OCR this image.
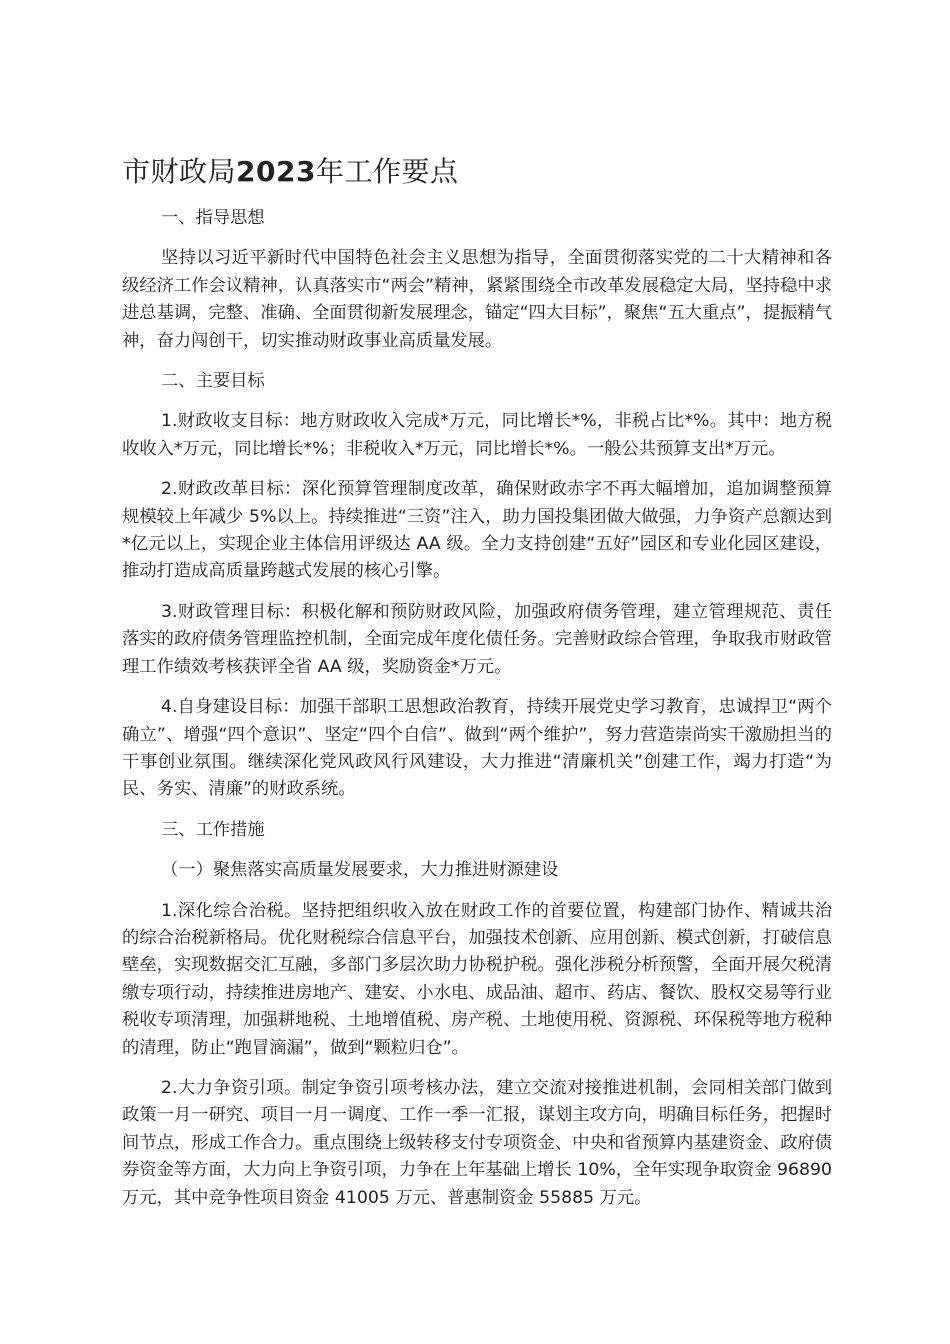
市财政局2023年工作要点

一、指导思想

坚持以习近平新时代中国特色社会主义思想为指导，全面贯彻落实党的二十大精神和各级经济工作会议精神，认真落实市“两会”精神，紧紧围绕全市改革发展稳定大局，坚持稳中求进总基调，完整、准确、全面贯彻新发展理念，锚定“四大目标”，聚焦“五大重点”，提振精气神，奋力闯创干，切实推动财政事业高质量发展。

二、主要目标

1.财政收支目标：地方财政收入完成*万元，同比增长*%，非税占比*%。其中：地方税收收入*万元，同比增长*%；非税收入*万元，同比增长*%。一般公共预算支出*万元。

2.财政改革目标：深化预算管理制度改革，确保财政赤字不再大幅增加，追加调整预算规模较上年减少 5%以上。持续推进“三资”注入，助力国投集团做大做强，力争资产总额达到*亿元以上，实现企业主体信用评级达 AA 级。全力支持创建“五好”园区和专业化园区建设，推动打造成高质量跨越式发展的核心引擎。

3.财政管理目标：积极化解和预防财政风险，加强政府债务管理，建立管理规范、责任落实的政府债务管理监控机制，全面完成年度化债任务。完善财政综合管理，争取我市财政管理工作绩效考核获评全省 AA 级，奖励资金*万元。

4.自身建设目标：加强干部职工思想政治教育，持续开展党史学习教育，忠诚捍卫“两个确立”、增强“四个意识”、坚定“四个自信”、做到“两个维护”，努力营造崇尚实干激励担当的干事创业氛围。继续深化党风政风行风建设，大力推进“清廉机关”创建工作，竭力打造“为民、务实、清廉”的财政系统。

三、工作措施

（一）聚焦落实高质量发展要求，大力推进财源建设

1.深化综合治税。坚持把组织收入放在财政工作的首要位置，构建部门协作、精诚共治的综合治税新格局。优化财税综合信息平台，加强技术创新、应用创新、模式创新，打破信息壁垒，实现数据交汇互融，多部门多层次助力协税护税。强化涉税分析预警，全面开展欠税清缴专项行动，持续推进房地产、建安、小水电、成品油、超市、药店、餐饮、股权交易等行业税收专项清理，加强耕地税、土地增值税、房产税、土地使用税、资源税、环保税等地方税种的清理，防止“跑冒滴漏”，做到“颗粒归仓”。

2.大力争资引项。制定争资引项考核办法，建立交流对接推进机制，会同相关部门做到政策一月一研究、项目一月一调度、工作一季一汇报，谋划主攻方向，明确目标任务，把握时间节点，形成工作合力。重点围绕上级转移支付专项资金、中央和省预算内基建资金、政府债券资金等方面，大力向上争资引项，力争在上年基础上增长 10%，全年实现争取资金 96890 万元，其中竞争性项目资金 41005 万元、普惠制资金 55885 万元。
